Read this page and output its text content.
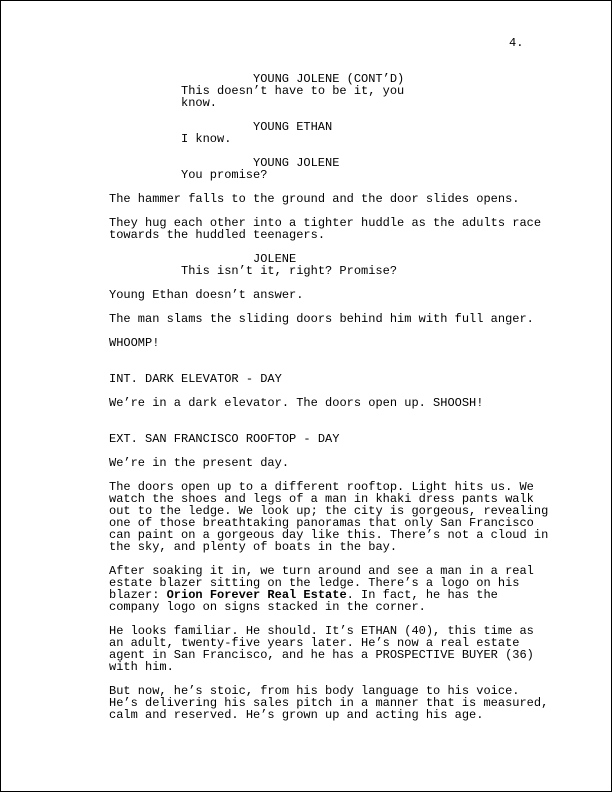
4.
YOUNG JOLENE (CONT’D)
This doesn’t have to be it, you
know.
YOUNG ETHAN
I know.
YOUNG JOLENE
You promise?
The hammer falls to the ground and the door slides opens.
They hug each other into a tighter huddle as the adults race
towards the huddled teenagers.
JOLENE
This isn’t it, right? Promise?
Young Ethan doesn’t answer.
The man slams the sliding doors behind him with full anger.
WHOOMP!
INT. DARK ELEVATOR - DAY
We’re in a dark elevator. The doors open up. SHOOSH!
EXT. SAN FRANCISCO ROOFTOP - DAY
We’re in the present day.
The doors open up to a different rooftop. Light hits us. We
watch the shoes and legs of a man in khaki dress pants walk
out to the ledge. We look up; the city is gorgeous, revealing
one of those breathtaking panoramas that only San Francisco
can paint on a gorgeous day like this. There’s not a cloud in
the sky, and plenty of boats in the bay.
After soaking it in, we turn around and see a man in a real
estate blazer sitting on the ledge. There’s a logo on his
blazer: Orion Forever Real Estate. In fact, he has the
company logo on signs stacked in the corner.
He looks familiar. He should. It’s ETHAN (40), this time as
an adult, twenty-five years later. He’s now a real estate
agent in San Francisco, and he has a PROSPECTIVE BUYER (36)
with him.
But now, he’s stoic, from his body language to his voice.
He’s delivering his sales pitch in a manner that is measured,
calm and reserved. He’s grown up and acting his age.
